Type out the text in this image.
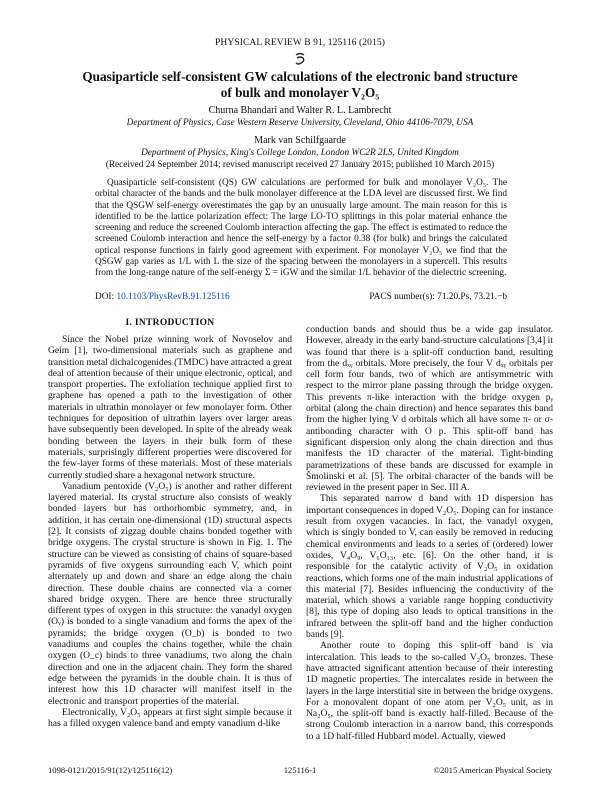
PHYSICAL REVIEW B 91, 125116 (2015)
Quasiparticle self-consistent GW calculations of the electronic band structure
of bulk and monolayer V₂O₅
Churna Bhandari and Walter R. L. Lambrecht
Department of Physics, Case Western Reserve University, Cleveland, Ohio 44106-7079, USA
Mark van Schilfgaarde
Department of Physics, King's College London, London WC2R 2LS, United Kingdom
(Received 24 September 2014; revised manuscript received 27 January 2015; published 10 March 2015)
Quasiparticle self-consistent (QS) GW calculations are performed for bulk and monolayer V₂O₅. The orbital character of the bands and the bulk monolayer difference at the LDA level are discussed first. We find that the QSGW self-energy overestimates the gap by an unusually large amount. The main reason for this is identified to be the lattice polarization effect: The large LO-TO splittings in this polar material enhance the screening and reduce the screened Coulomb interaction affecting the gap. The effect is estimated to reduce the screened Coulomb interaction and hence the self-energy by a factor 0.38 (for bulk) and brings the calculated optical response functions in fairly good agreement with experiment. For monolayer V₂O₅ we find that the QSGW gap varies as 1/L with L the size of the spacing between the monolayers in a supercell. This results from the long-range nature of the self-energy Σ = iGW and the similar 1/L behavior of the dielectric screening.
DOI: 10.1103/PhysRevB.91.125116	PACS number(s): 71.20.Ps, 73.21.−b
I. INTRODUCTION

Since the Nobel prize winning work of Novoselov and Geim [1], two-dimensional materials such as graphene and transition metal dichalcogenides (TMDC) have attracted a great deal of attention because of their unique electronic, optical, and transport properties. The exfoliation technique applied first to graphene has opened a path to the investigation of other materials in ultrathin monolayer or few monolayer form. Other techniques for deposition of ultrathin layers over larger areas have subsequently been developed. In spite of the already weak bonding between the layers in their bulk form of these materials, surprisingly different properties were discovered for the few-layer forms of these materials. Most of these materials currently studied share a hexagonal network structure.

Vanadium pentoxide (V₂O₅) is another and rather different layered material. Its crystal structure also consists of weakly bonded layers but has orthorhombic symmetry, and, in addition, it has certain one-dimensional (1D) structural aspects [2]. It consists of zigzag double chains bonded together with bridge oxygens. The crystal structure is shown in Fig. 1. The structure can be viewed as consisting of chains of square-based pyramids of five oxygens surrounding each V, which point alternately up and down and share an edge along the chain direction. These double chains are connected via a corner shared bridge oxygen. There are hence three structurally different types of oxygen in this structure: the vanadyl oxygen (Oᵥ) is bonded to a single vanadium and forms the apex of the pyramids; the bridge oxygen (O_b) is bonded to two vanadiums and couples the chains together, while the chain oxygen (O_c) binds to three vanadiums, two along the chain direction and one in the adjacent chain. They form the shared edge between the pyramids in the double chain. It is thus of interest how this 1D character will manifest itself in the electronic and transport properties of the material.

Electronically, V₂O₅ appears at first sight simple because it has a filled oxygen valence band and empty vanadium d-like

conduction bands and should thus be a wide gap insulator. However, already in the early band-structure calculations [3,4] it was found that there is a split-off conduction band, resulting from the dₓᵧ orbitals. More precisely, the four V dₓᵧ orbitals per cell form four bands, two of which are antisymmetric with respect to the mirror plane passing through the bridge oxygen. This prevents π-like interaction with the bridge oxygen pᵧ orbital (along the chain direction) and hence separates this band from the higher lying V d orbitals which all have some π- or σ-antibonding character with O p. This split-off band has significant dispersion only along the chain direction and thus manifests the 1D character of the material. Tight-binding parametrizations of these bands are discussed for example in Šmolinski et al. [5]. The orbital character of the bands will be reviewed in the present paper in Sec. III A.

This separated narrow d band with 1D dispersion has important consequences in doped V₂O₅. Doping can for instance result from oxygen vacancies. In fact, the vanadyl oxygen, which is singly bonded to V, can easily be removed in reducing chemical environments and leads to a series of (ordered) lower oxides, V₄O₉, V₆O₁₃, etc. [6]. On the other hand, it is responsible for the catalytic activity of V₂O₅ in oxidation reactions, which forms one of the main industrial applications of this material [7]. Besides influencing the conductivity of the material, which shows a variable range hopping conductivity [8], this type of doping also leads to optical transitions in the infrared between the split-off band and the higher conduction bands [9].

Another route to doping this split-off band is via intercalation. This leads to the so-called V₂O₅ bronzes. These have attracted significant attention because of their interesting 1D magnetic properties. The intercalates reside in between the layers in the large interstitial site in between the bridge oxygens. For a monovalent dopant of one atom per V₂O₅ unit, as in Na₂O₅, the split-off band is exactly half-filled. Because of the strong Coulomb interaction in a narrow band, this corresponds to a 1D half-filled Hubbard model. Actually, viewed

1098-0121/2015/91(12)/125116(12)	125116-1	©2015 American Physical Society
